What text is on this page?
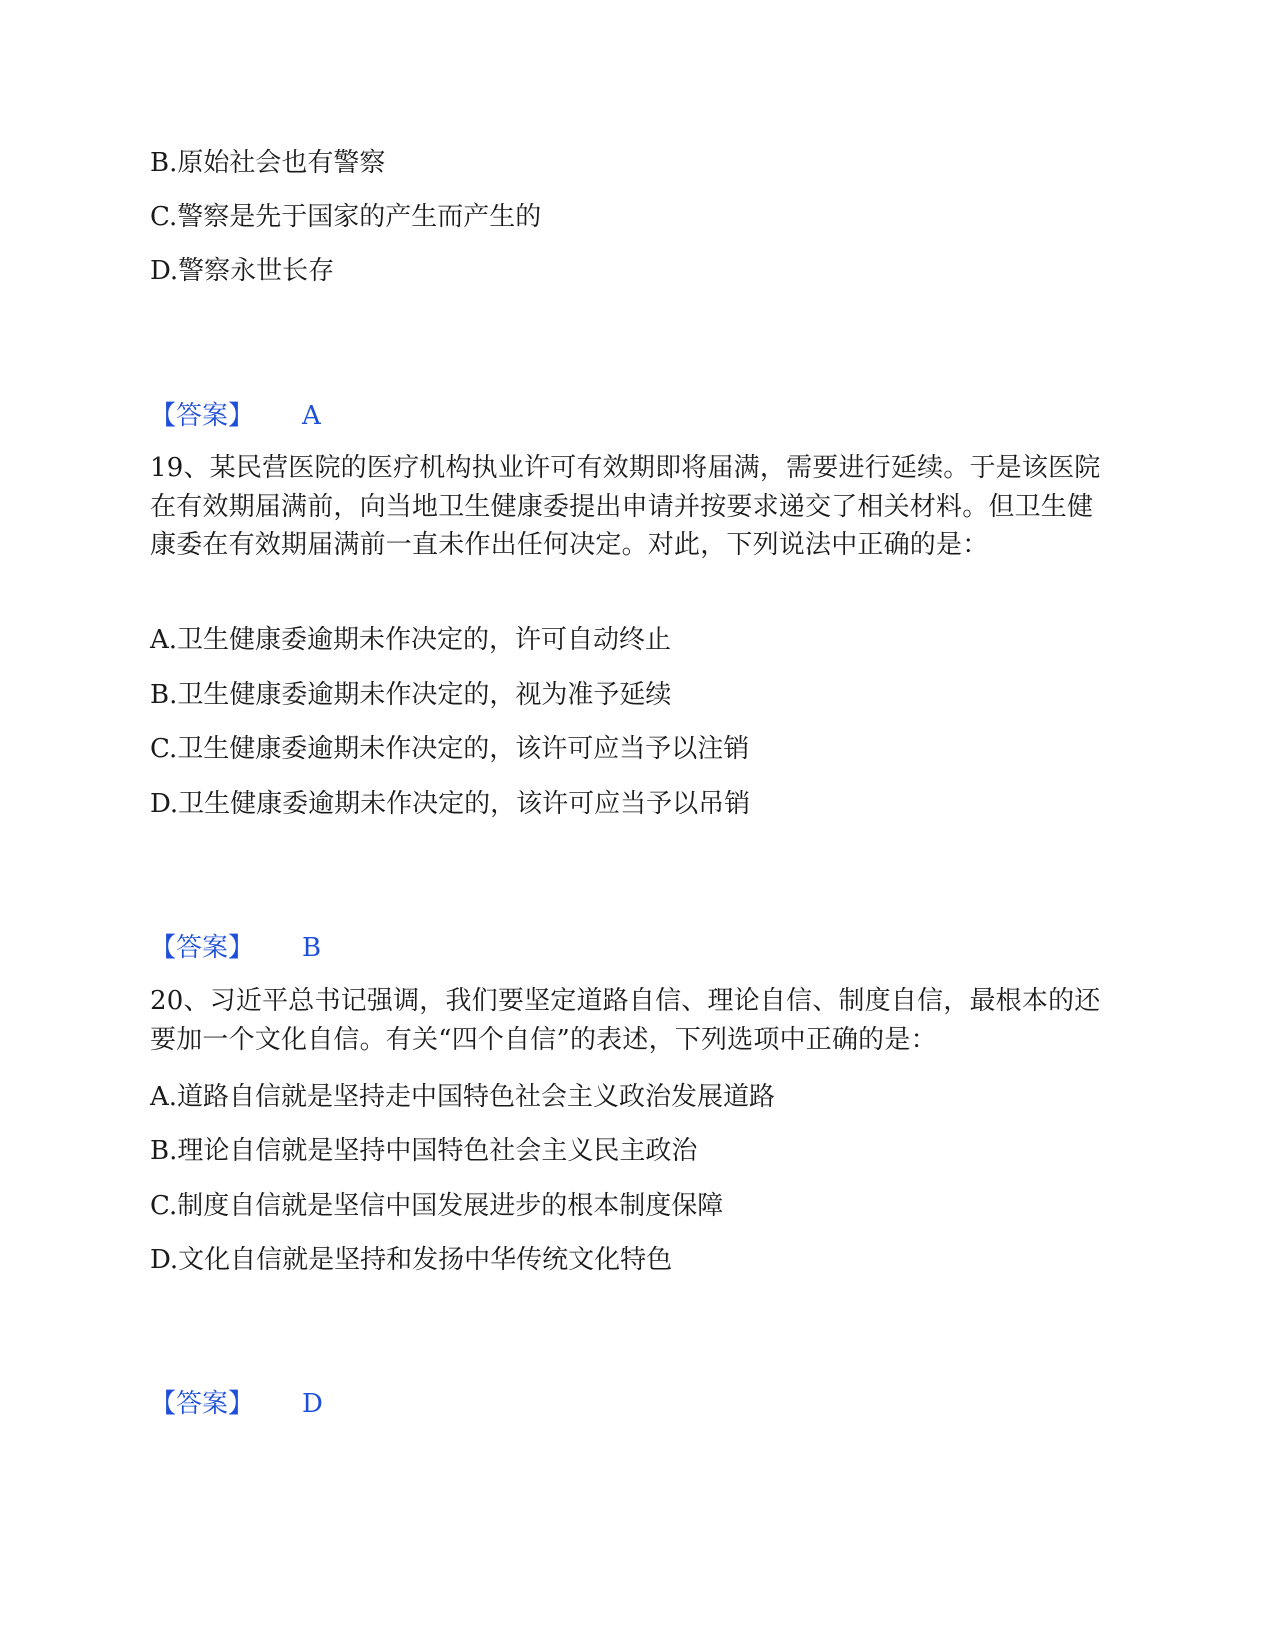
B.原始社会也有警察
C.警察是先于国家的产生而产生的
D.警察永世长存
【答案】 A
19、某民营医院的医疗机构执业许可有效期即将届满，需要进行延续。于是该医院在有效期届满前，向当地卫生健康委提出申请并按要求递交了相关材料。但卫生健康委在有效期届满前一直未作出任何决定。对此，下列说法中正确的是：
A.卫生健康委逾期未作决定的，许可自动终止
B.卫生健康委逾期未作决定的，视为准予延续
C.卫生健康委逾期未作决定的，该许可应当予以注销
D.卫生健康委逾期未作决定的，该许可应当予以吊销
【答案】 B
20、习近平总书记强调，我们要坚定道路自信、理论自信、制度自信，最根本的还要加一个文化自信。有关“四个自信”的表述，下列选项中正确的是：
A.道路自信就是坚持走中国特色社会主义政治发展道路
B.理论自信就是坚持中国特色社会主义民主政治
C.制度自信就是坚信中国发展进步的根本制度保障
D.文化自信就是坚持和发扬中华传统文化特色
【答案】 D
